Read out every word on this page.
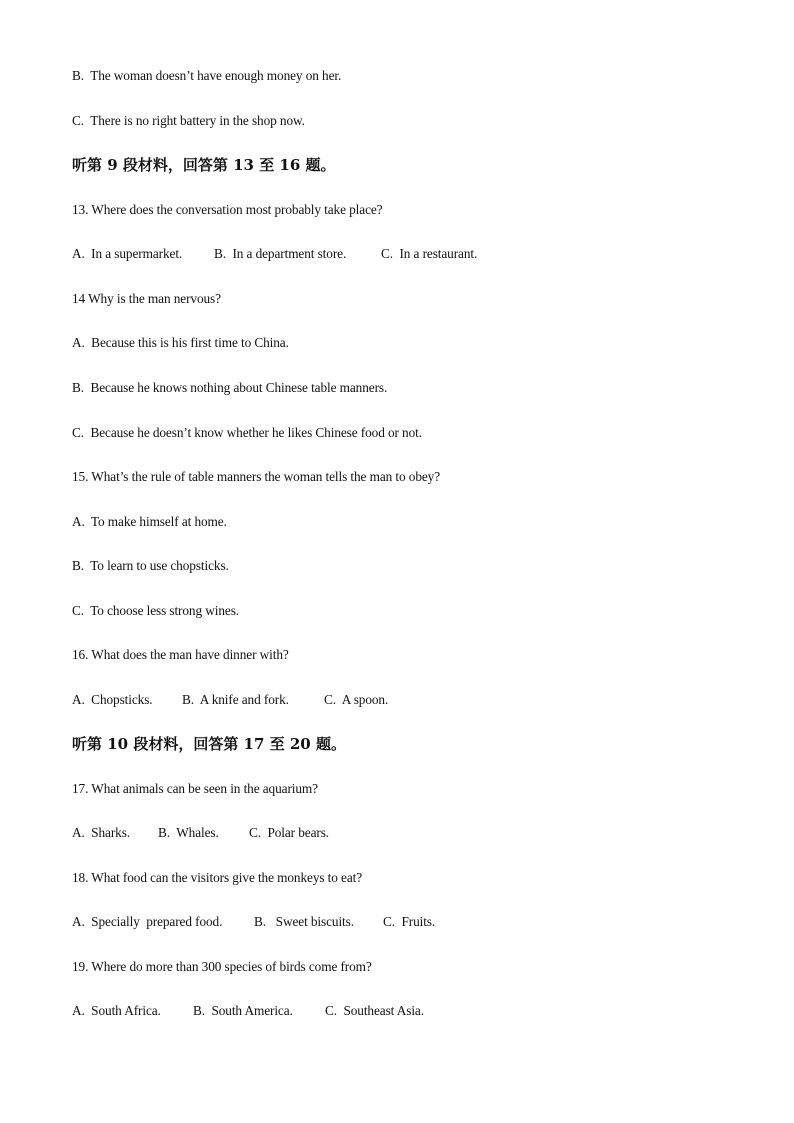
B.  The woman doesn’t have enough money on her.
C.  There is no right battery in the shop now.
听第 9 段材料，回答第 13 至 16 题。
13. Where does the conversation most probably take place?
A.  In a supermarket.	B.  In a department store.	C.  In a restaurant.
14 Why is the man nervous?
A.  Because this is his first time to China.
B.  Because he knows nothing about Chinese table manners.
C.  Because he doesn’t know whether he likes Chinese food or not.
15. What’s the rule of table manners the woman tells the man to obey?
A.  To make himself at home.
B.  To learn to use chopsticks.
C.  To choose less strong wines.
16. What does the man have dinner with?
A.  Chopsticks.	B.  A knife and fork.	C.  A spoon.
听第 10 段材料，回答第 17 至 20 题。
17. What animals can be seen in the aquarium?
A.  Sharks.	B.  Whales.	C.  Polar bears.
18. What food can the visitors give the monkeys to eat?
A.  Specially  prepared food.	B.   Sweet biscuits.	C.  Fruits.
19. Where do more than 300 species of birds come from?
A.  South Africa.	B.  South America.	C.  Southeast Asia.
